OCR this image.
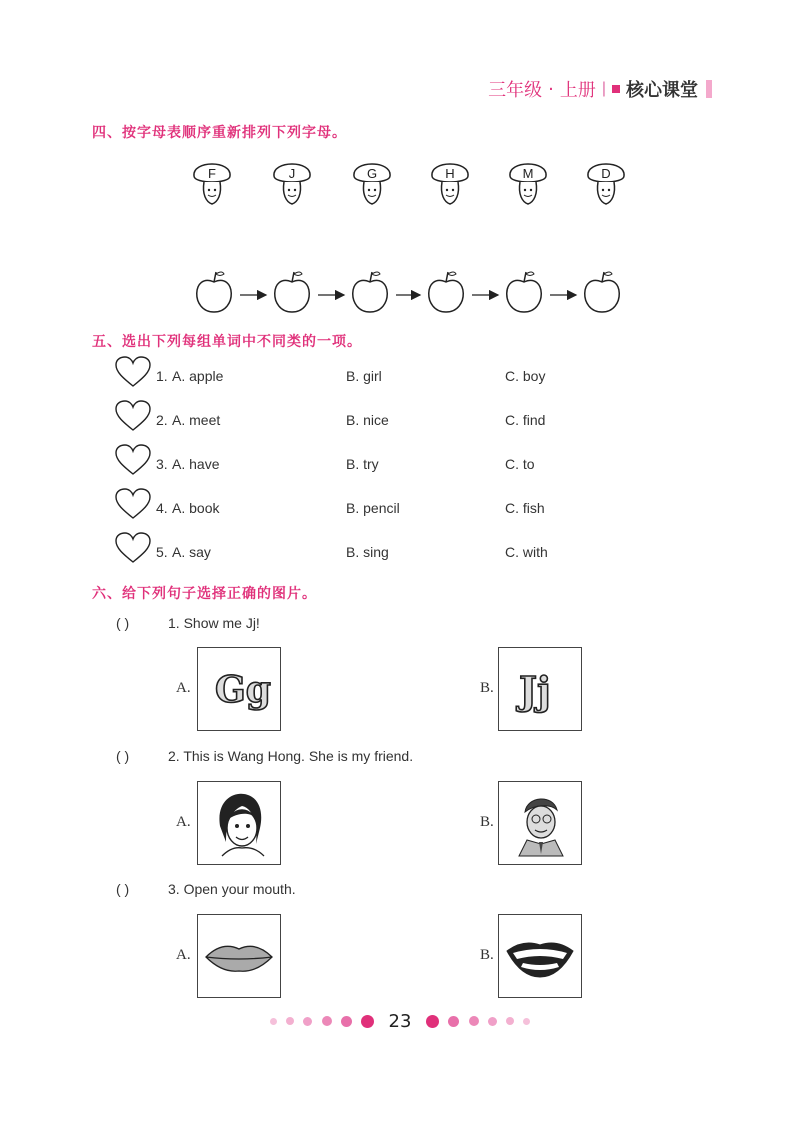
三年级 · 上册 | 核心课堂
四、按字母表顺序重新排列下列字母。
F	J	G	H	M	D
五、选出下列每组单词中不同类的一项。
1. A. apple	B. girl	C. boy
2. A. meet	B. nice	C. find
3. A. have	B. try	C. to
4. A. book	B. pencil	C. fish
5. A. say	B. sing	C. with
六、给下列句子选择正确的图片。
( )	1. Show me Jj!
A. Gg	B. Jj
( )	2. This is Wang Hong. She is my friend.
A.	B.
( )	3. Open your mouth.
A.	B.
23
